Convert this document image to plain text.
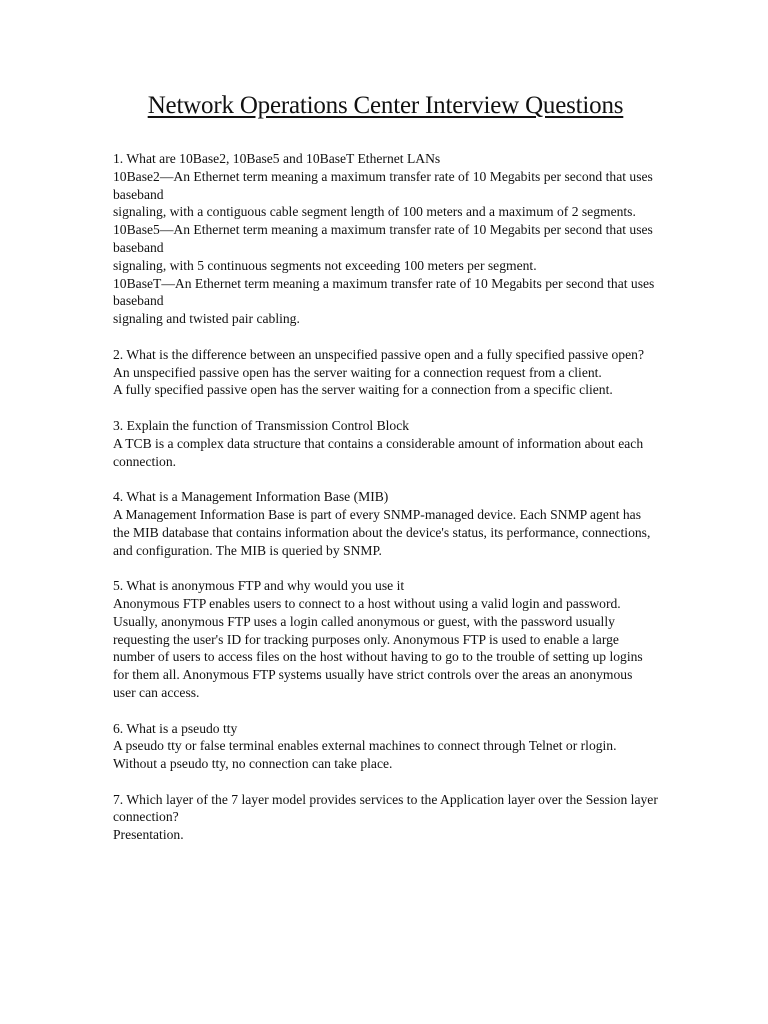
Network Operations Center Interview Questions

1. What are 10Base2, 10Base5 and 10BaseT Ethernet LANs

10Base2—An Ethernet term meaning a maximum transfer rate of 10 Megabits per second that uses baseband

signaling, with a contiguous cable segment length of 100 meters and a maximum of 2 segments.

10Base5—An Ethernet term meaning a maximum transfer rate of 10 Megabits per second that uses baseband

signaling, with 5 continuous segments not exceeding 100 meters per segment.

10BaseT—An Ethernet term meaning a maximum transfer rate of 10 Megabits per second that uses baseband

signaling and twisted pair cabling.

2. What is the difference between an unspecified passive open and a fully specified passive open?

An unspecified passive open has the server waiting for a connection request from a client.

A fully specified passive open has the server waiting for a connection from a specific client.

3. Explain the function of Transmission Control Block

A TCB is a complex data structure that contains a considerable amount of information about each connection.

4. What is a Management Information Base (MIB)

A Management Information Base is part of every SNMP-managed device. Each SNMP agent has the MIB database that contains information about the device's status, its performance, connections, and configuration. The MIB is queried by SNMP.

5. What is anonymous FTP and why would you use it

Anonymous FTP enables users to connect to a host without using a valid login and password. Usually, anonymous FTP uses a login called anonymous or guest, with the password usually requesting the user's ID for tracking purposes only. Anonymous FTP is used to enable a large number of users to access files on the host without having to go to the trouble of setting up logins for them all. Anonymous FTP systems usually have strict controls over the areas an anonymous user can access.

6. What is a pseudo tty

A pseudo tty or false terminal enables external machines to connect through Telnet or rlogin. Without a pseudo tty, no connection can take place.

7. Which layer of the 7 layer model provides services to the Application layer over the Session layer connection?

Presentation.
